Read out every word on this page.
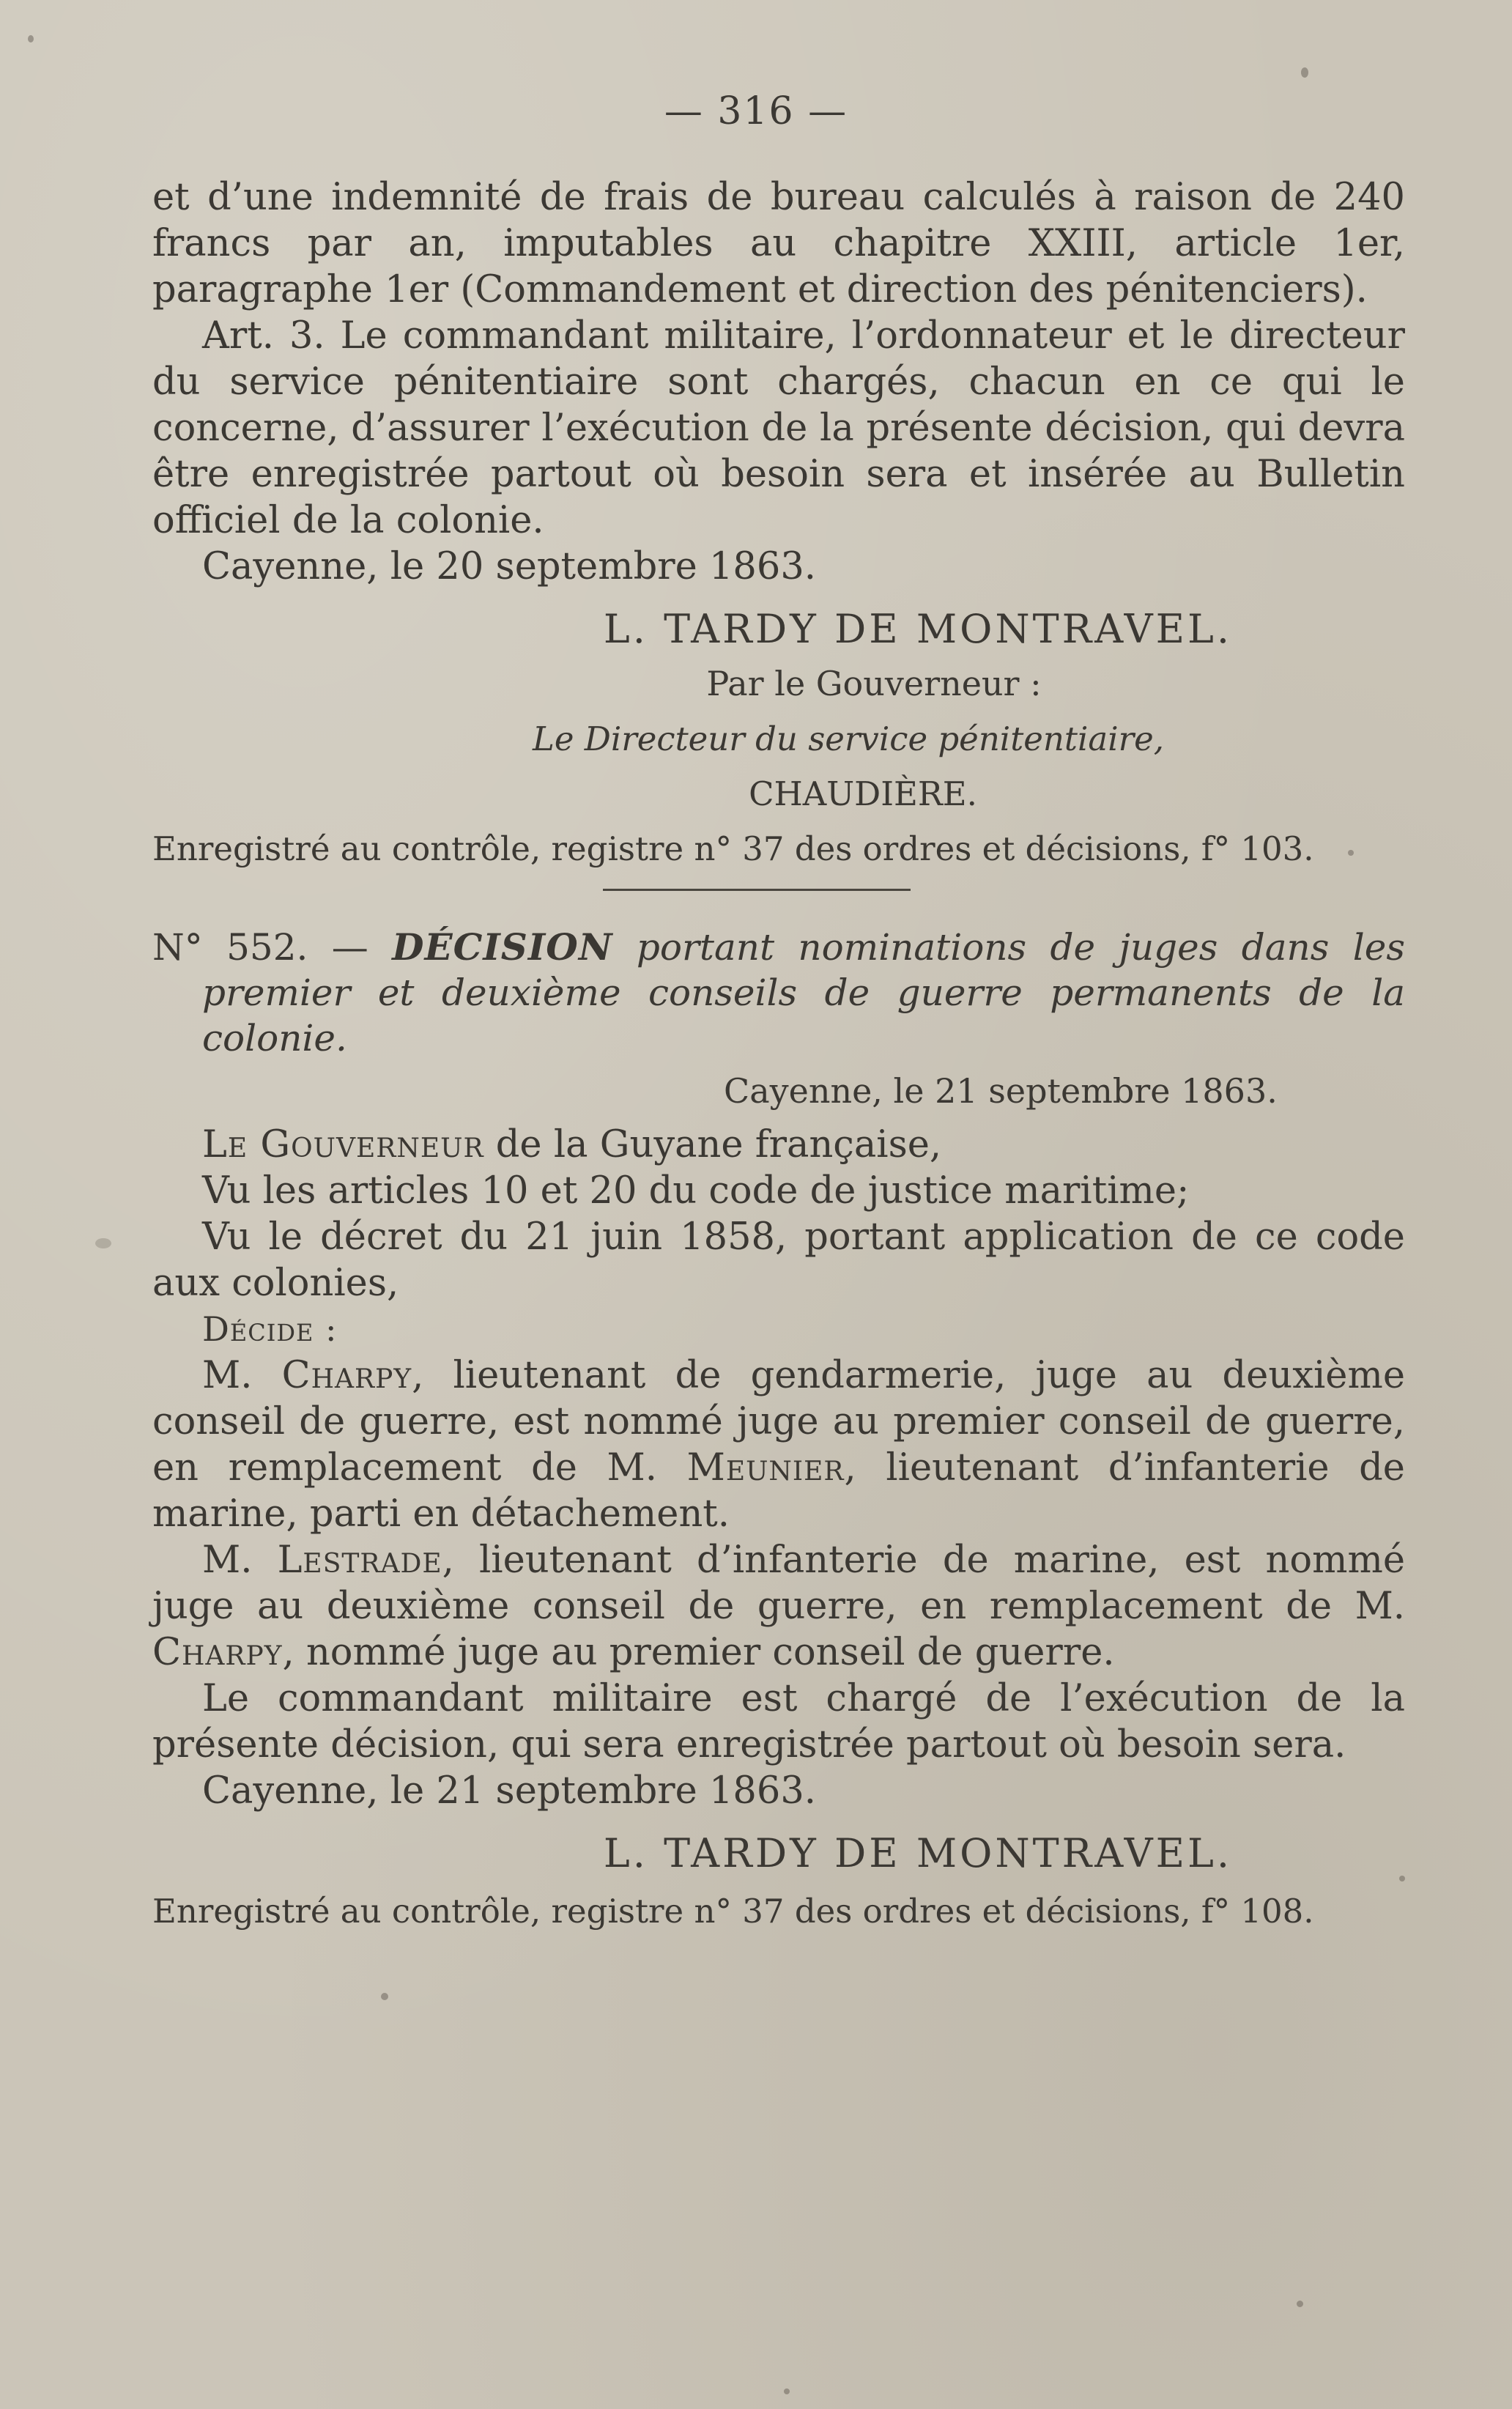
— 316 —

et d’une indemnité de frais de bureau calculés à raison de 240 francs par an, imputables au chapitre XXIII, article 1er, paragraphe 1er (Commandement et direction des pénitenciers).

Art. 3. Le commandant militaire, l’ordonnateur et le directeur du service pénitentiaire sont chargés, chacun en ce qui le concerne, d’assurer l’exécution de la présente décision, qui devra être enregistrée partout où besoin sera et insérée au Bulletin officiel de la colonie.

Cayenne, le 20 septembre 1863.

L. TARDY DE MONTRAVEL.

Par le Gouverneur :

Le Directeur du service pénitentiaire,

CHAUDIÈRE.

Enregistré au contrôle, registre n° 37 des ordres et décisions, f° 103.

N° 552. — DÉCISION portant nominations de juges dans les premier et deuxième conseils de guerre permanents de la colonie.

Cayenne, le 21 septembre 1863.

Le Gouverneur de la Guyane française,

Vu les articles 10 et 20 du code de justice maritime;

Vu le décret du 21 juin 1858, portant application de ce code aux colonies,

Décide :

M. Charpy, lieutenant de gendarmerie, juge au deuxième conseil de guerre, est nommé juge au premier conseil de guerre, en remplacement de M. Meunier, lieutenant d’infanterie de marine, parti en détachement.

M. Lestrade, lieutenant d’infanterie de marine, est nommé juge au deuxième conseil de guerre, en remplacement de M. Charpy, nommé juge au premier conseil de guerre.

Le commandant militaire est chargé de l’exécution de la présente décision, qui sera enregistrée partout où besoin sera.

Cayenne, le 21 septembre 1863.

L. TARDY DE MONTRAVEL.

Enregistré au contrôle, registre n° 37 des ordres et décisions, f° 108.
